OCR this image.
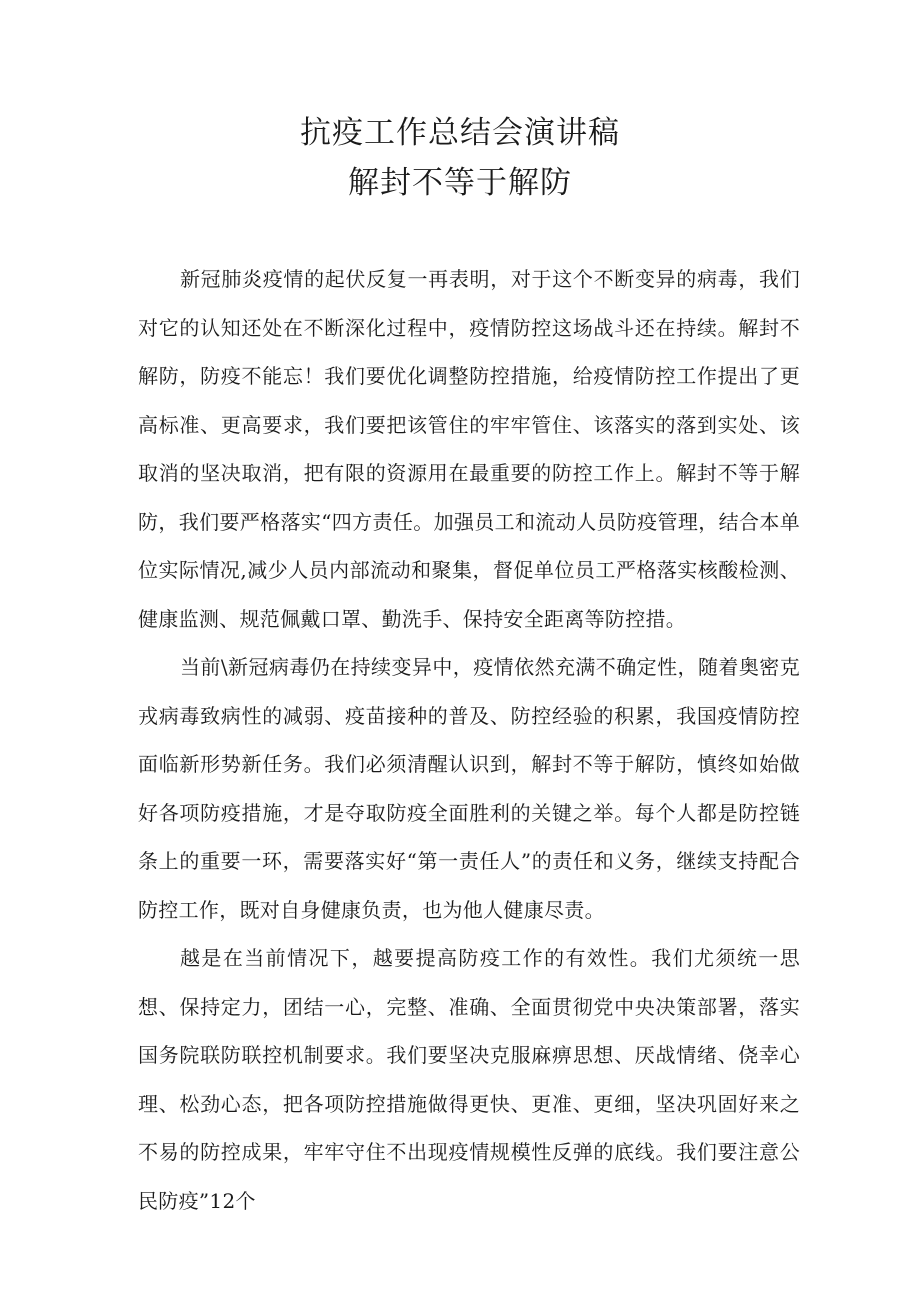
抗疫工作总结会演讲稿
解封不等于解防

新冠肺炎疫情的起伏反复一再表明，对于这个不断变异的病毒，我们对它的认知还处在不断深化过程中，疫情防控这场战斗还在持续。解封不解防，防疫不能忘！我们要优化调整防控措施，给疫情防控工作提出了更高标准、更高要求，我们要把该管住的牢牢管住、该落实的落到实处、该取消的坚决取消，把有限的资源用在最重要的防控工作上。解封不等于解防，我们要严格落实“四方责任。加强员工和流动人员防疫管理，结合本单位实际情况,减少人员内部流动和聚集，督促单位员工严格落实核酸检测、健康监测、规范佩戴口罩、勤洗手、保持安全距离等防控措。

当前\新冠病毒仍在持续变异中，疫情依然充满不确定性，随着奥密克戎病毒致病性的减弱、疫苗接种的普及、防控经验的积累，我国疫情防控面临新形势新任务。我们必须清醒认识到，解封不等于解防，慎终如始做好各项防疫措施，才是夺取防疫全面胜利的关键之举。每个人都是防控链条上的重要一环，需要落实好“第一责任人”的责任和义务，继续支持配合防控工作，既对自身健康负责，也为他人健康尽责。

越是在当前情况下，越要提高防疫工作的有效性。我们尤须统一思想、保持定力，团结一心，完整、准确、全面贯彻党中央决策部署，落实国务院联防联控机制要求。我们要坚决克服麻痹思想、厌战情绪、侥幸心理、松劲心态，把各项防控措施做得更快、更准、更细，坚决巩固好来之不易的防控成果，牢牢守住不出现疫情规模性反弹的底线。我们要注意公民防疫”12个
